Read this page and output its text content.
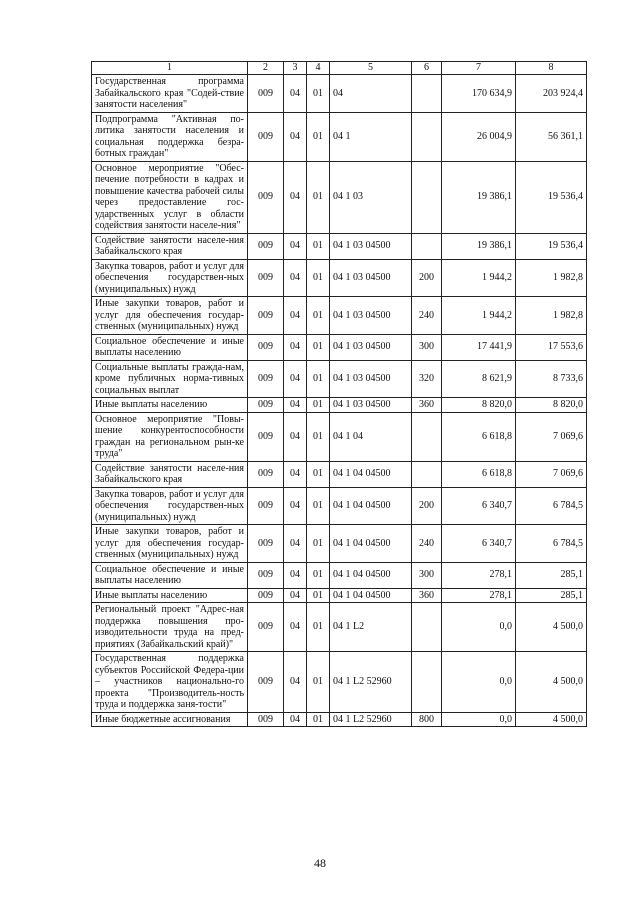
1	2	3	4	5	6	7	8
Государственная программа Забайкальского края "Содей-ствие занятости населения"	009	04	01	04		170 634,9	203 924,4
Подпрограмма "Активная по-литика занятости населения и социальная поддержка безра-ботных граждан"	009	04	01	04 1		26 004,9	56 361,1
Основное мероприятие "Обес-печение потребности в кадрах и повышение качества рабочей силы через предоставление гос-ударственных услуг в области содействия занятости населе-ния"	009	04	01	04 1 03		19 386,1	19 536,4
Содействие занятости населе-ния Забайкальского края	009	04	01	04 1 03 04500		19 386,1	19 536,4
Закупка товаров, работ и услуг для обеспечения государствен-ных (муниципальных) нужд	009	04	01	04 1 03 04500	200	1 944,2	1 982,8
Иные закупки товаров, работ и услуг для обеспечения государ-ственных (муниципальных) нужд	009	04	01	04 1 03 04500	240	1 944,2	1 982,8
Социальное обеспечение и иные выплаты населению	009	04	01	04 1 03 04500	300	17 441,9	17 553,6
Социальные выплаты гражда-нам, кроме публичных норма-тивных социальных выплат	009	04	01	04 1 03 04500	320	8 621,9	8 733,6
Иные выплаты населению	009	04	01	04 1 03 04500	360	8 820,0	8 820,0
Основное мероприятие "Повы-шение конкурентоспособности граждан на региональном рын-ке труда"	009	04	01	04 1 04		6 618,8	7 069,6
Содействие занятости населе-ния Забайкальского края	009	04	01	04 1 04 04500		6 618,8	7 069,6
Закупка товаров, работ и услуг для обеспечения государствен-ных (муниципальных) нужд	009	04	01	04 1 04 04500	200	6 340,7	6 784,5
Иные закупки товаров, работ и услуг для обеспечения государ-ственных (муниципальных) нужд	009	04	01	04 1 04 04500	240	6 340,7	6 784,5
Социальное обеспечение и иные выплаты населению	009	04	01	04 1 04 04500	300	278,1	285,1
Иные выплаты населению	009	04	01	04 1 04 04500	360	278,1	285,1
Региональный проект "Адрес-ная поддержка повышения про-изводительности труда на пред-приятиях (Забайкальский край)"	009	04	01	04 1 L2		0,0	4 500,0
Государственная поддержка субъектов Российской Федера-ции – участников национально-го проекта "Производитель-ность труда и поддержка заня-тости"	009	04	01	04 1 L2 52960		0,0	4 500,0
Иные бюджетные ассигнования	009	04	01	04 1 L2 52960	800	0,0	4 500,0
48
